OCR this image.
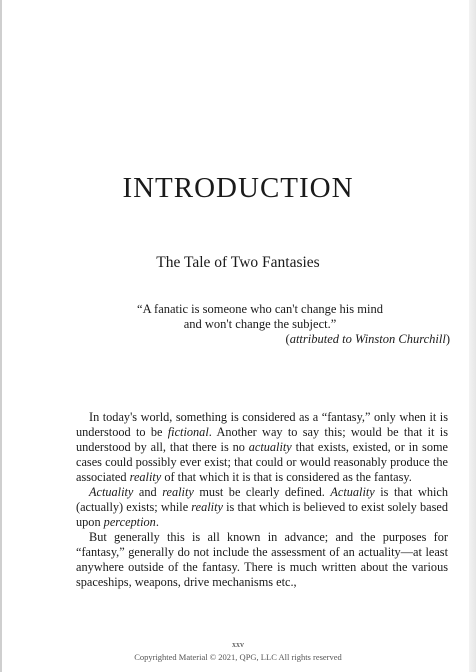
INTRODUCTION
The Tale of Two Fantasies
“A fanatic is someone who can't change his mind
and won't change the subject.”
(attributed to Winston Churchill)

In today's world, something is considered as a “fantasy,” only when it is understood to be fictional. Another way to say this; would be that it is understood by all, that there is no actuality that exists, existed, or in some cases could possibly ever exist; that could or would reasonably produce the associated reality of that which it is that is considered as the fantasy.

Actuality and reality must be clearly defined. Actuality is that which (actually) exists; while reality is that which is believed to exist solely based upon perception.

But generally this is all known in advance; and the purposes for “fantasy,” generally do not include the assessment of an actuality—at least anywhere outside of the fantasy. There is much written about the various spaceships, weapons, drive mechanisms etc.,

xxv
Copyrighted Material © 2021, QPG, LLC All rights reserved
